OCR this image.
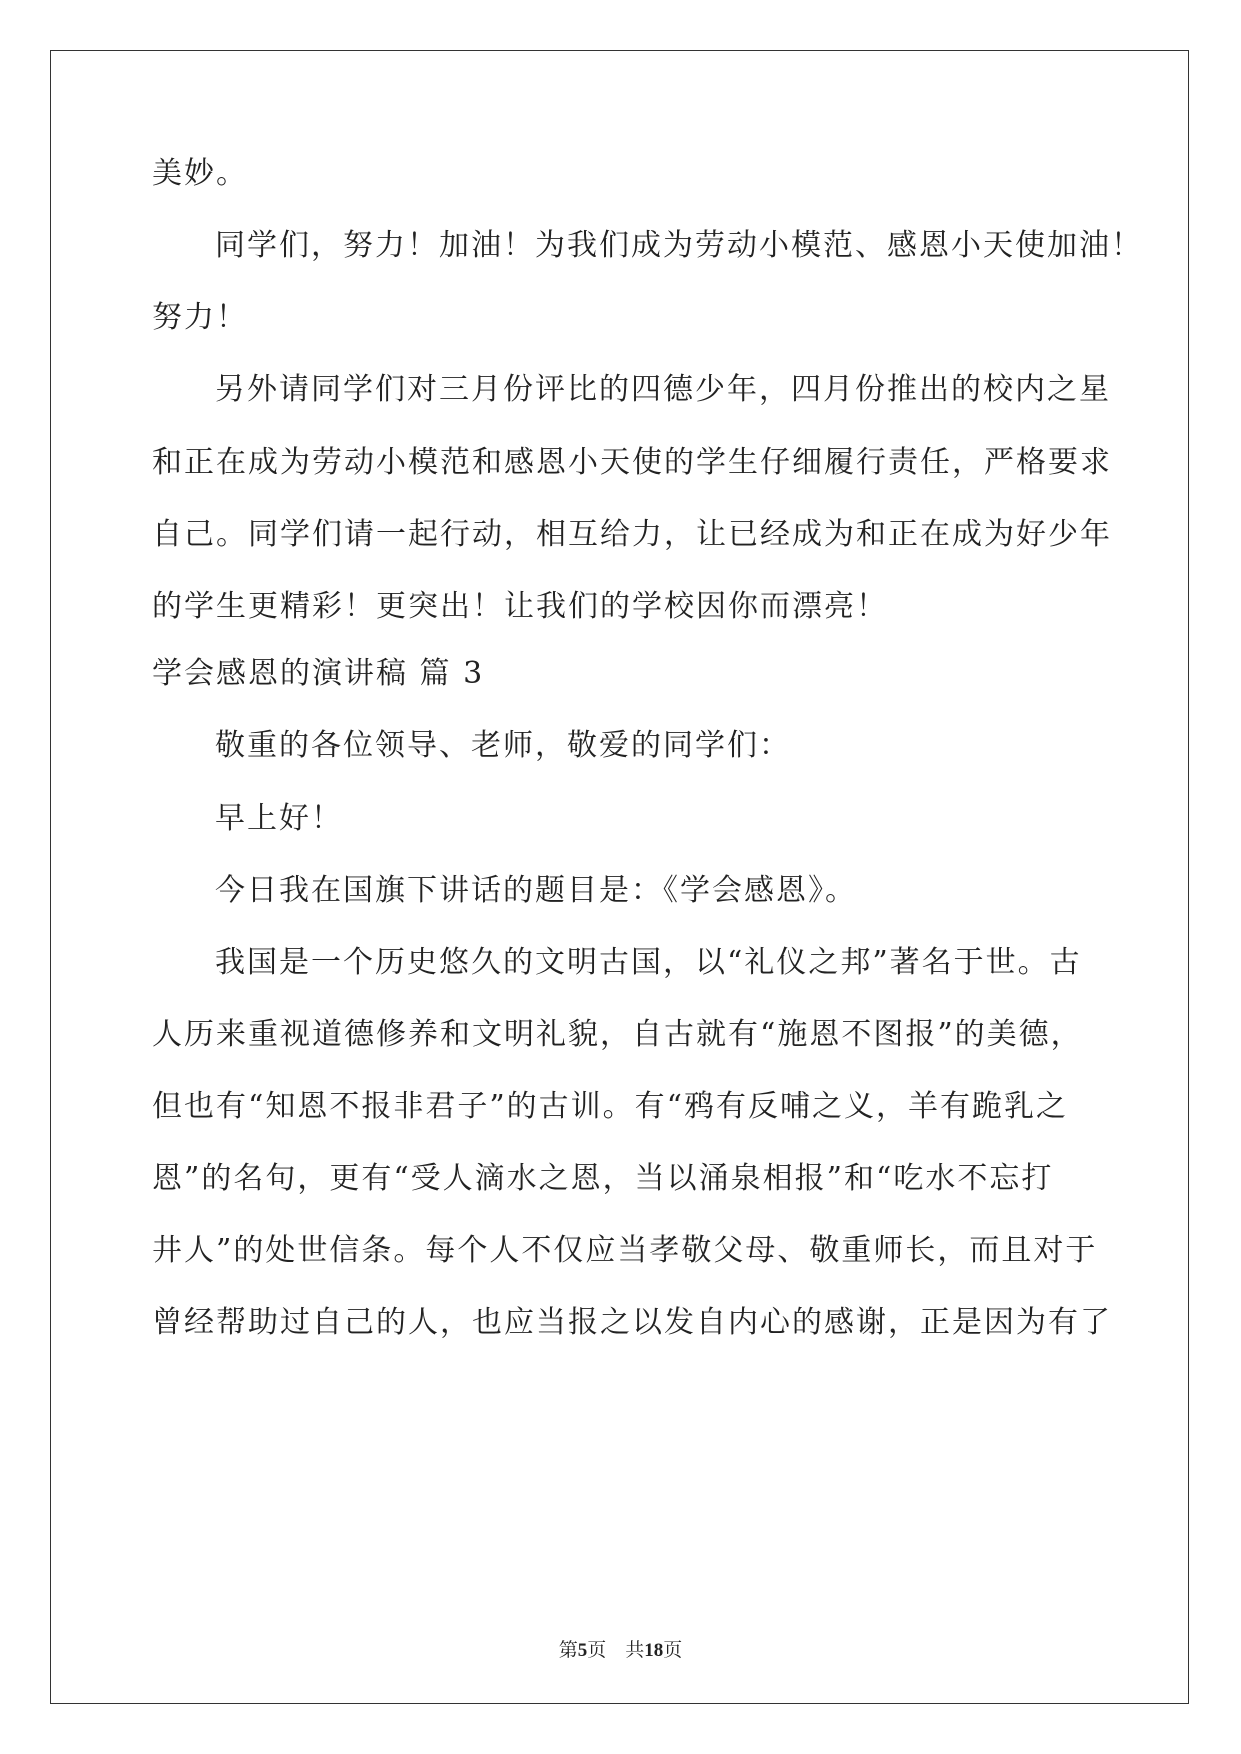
美妙。
同学们，努力！加油！为我们成为劳动小模范、感恩小天使加油！
努力！
另外请同学们对三月份评比的四德少年，四月份推出的校内之星
和正在成为劳动小模范和感恩小天使的学生仔细履行责任，严格要求
自己。同学们请一起行动，相互给力，让已经成为和正在成为好少年
的学生更精彩！更突出！让我们的学校因你而漂亮！
学会感恩的演讲稿 篇 3
敬重的各位领导、老师，敬爱的同学们：
早上好！
今日我在国旗下讲话的题目是：《学会感恩》。
我国是一个历史悠久的文明古国，以“礼仪之邦”著名于世。古
人历来重视道德修养和文明礼貌，自古就有“施恩不图报”的美德，
但也有“知恩不报非君子”的古训。有“鸦有反哺之义，羊有跪乳之
恩”的名句，更有“受人滴水之恩，当以涌泉相报”和“吃水不忘打
井人”的处世信条。每个人不仅应当孝敬父母、敬重师长，而且对于
曾经帮助过自己的人，也应当报之以发自内心的感谢，正是因为有了
第5页　共18页
